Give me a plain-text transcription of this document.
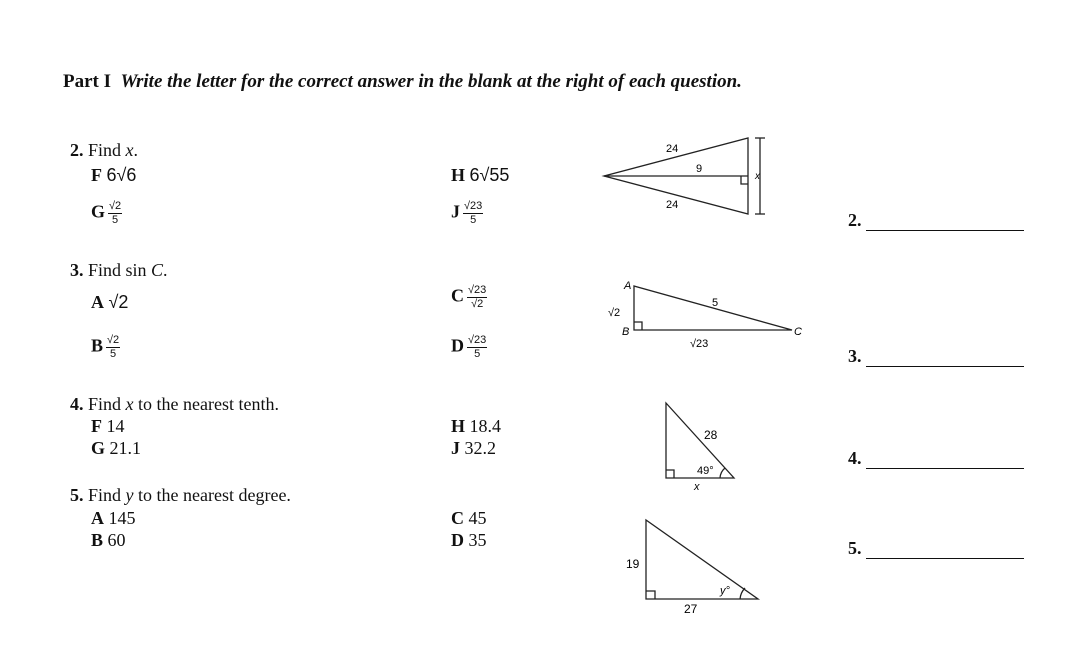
Part I Write the letter for the correct answer in the blank at the right of each question.
2. Find x.
F 6√6	H 6√55
G $\frac{√2}{5}$	J $\frac{√23}{5}$	2.
24
9
24
x
3. Find sin C.
A √2	C $\frac{√23}{√2}$
B $\frac{√2}{5}$	D $\frac{√23}{5}$	3.
A
B	C
√2
5
√23
4. Find x to the nearest tenth.
F 14	H 18.4
G 21.1	J 32.2	4.
28
49°
x
5. Find y to the nearest degree.
A 145	C 45
B 60	D 35	5.
19
27
y°
